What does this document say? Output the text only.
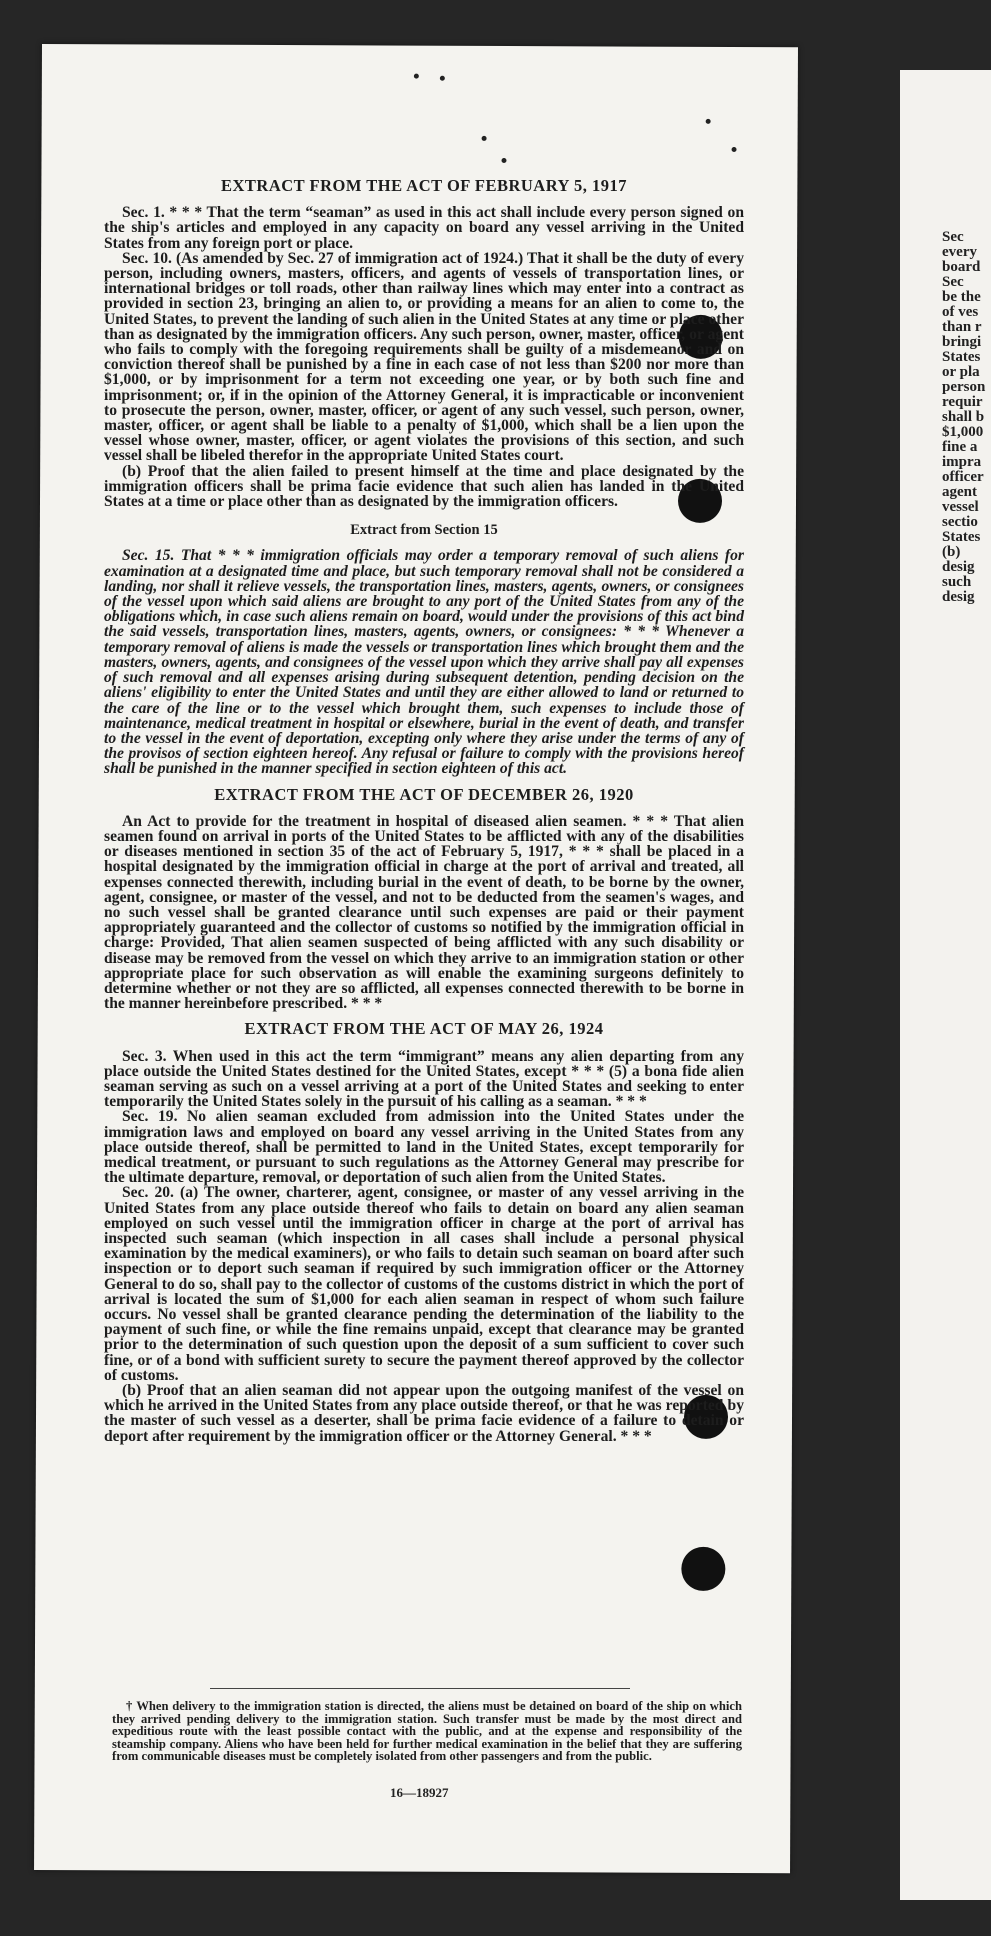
Sec
every
board
Sec
be the
of ves
than r
bringi
States
or pla
person
requir
shall b
$1,000
fine a
impra
officer
agent
vessel
sectio
States
(b)
desig
such
desig
EXTRACT FROM THE ACT OF FEBRUARY 5, 1917

Sec. 1. * * * That the term “seaman” as used in this act shall include every person signed on the ship's articles and employed in any capacity on board any vessel arriving in the United States from any foreign port or place.

Sec. 10. (As amended by Sec. 27 of immigration act of 1924.) That it shall be the duty of every person, including owners, masters, officers, and agents of vessels of transportation lines, or international bridges or toll roads, other than railway lines which may enter into a contract as provided in section 23, bringing an alien to, or providing a means for an alien to come to, the United States, to prevent the landing of such alien in the United States at any time or place other than as designated by the immigration officers. Any such person, owner, master, officer, or agent who fails to comply with the foregoing requirements shall be guilty of a misdemeanor and on conviction thereof shall be punished by a fine in each case of not less than $200 nor more than $1,000, or by imprisonment for a term not exceeding one year, or by both such fine and imprisonment; or, if in the opinion of the Attorney General, it is impracticable or inconvenient to prosecute the person, owner, master, officer, or agent of any such vessel, such person, owner, master, officer, or agent shall be liable to a penalty of $1,000, which shall be a lien upon the vessel whose owner, master, officer, or agent violates the provisions of this section, and such vessel shall be libeled therefor in the appropriate United States court.

(b) Proof that the alien failed to present himself at the time and place designated by the immigration officers shall be prima facie evidence that such alien has landed in the United States at a time or place other than as designated by the immigration officers.

Extract from Section 15

Sec. 15. That * * * immigration officials may order a temporary removal of such aliens for examination at a designated time and place, but such temporary removal shall not be considered a landing, nor shall it relieve vessels, the transportation lines, masters, agents, owners, or consignees of the vessel upon which said aliens are brought to any port of the United States from any of the obligations which, in case such aliens remain on board, would under the provisions of this act bind the said vessels, transportation lines, masters, agents, owners, or consignees: * * * Whenever a temporary removal of aliens is made the vessels or transportation lines which brought them and the masters, owners, agents, and consignees of the vessel upon which they arrive shall pay all expenses of such removal and all expenses arising during subsequent detention, pending decision on the aliens' eligibility to enter the United States and until they are either allowed to land or returned to the care of the line or to the vessel which brought them, such expenses to include those of maintenance, medical treatment in hospital or elsewhere, burial in the event of death, and transfer to the vessel in the event of deportation, excepting only where they arise under the terms of any of the provisos of section eighteen hereof. Any refusal or failure to comply with the provisions hereof shall be punished in the manner specified in section eighteen of this act.

EXTRACT FROM THE ACT OF DECEMBER 26, 1920

An Act to provide for the treatment in hospital of diseased alien seamen. * * * That alien seamen found on arrival in ports of the United States to be afflicted with any of the disabilities or diseases mentioned in section 35 of the act of February 5, 1917, * * * shall be placed in a hospital designated by the immigration official in charge at the port of arrival and treated, all expenses connected therewith, including burial in the event of death, to be borne by the owner, agent, consignee, or master of the vessel, and not to be deducted from the seamen's wages, and no such vessel shall be granted clearance until such expenses are paid or their payment appropriately guaranteed and the collector of customs so notified by the immigration official in charge: Provided, That alien seamen suspected of being afflicted with any such disability or disease may be removed from the vessel on which they arrive to an immigration station or other appropriate place for such observation as will enable the examining surgeons definitely to determine whether or not they are so afflicted, all expenses connected therewith to be borne in the manner hereinbefore prescribed. * * *

EXTRACT FROM THE ACT OF MAY 26, 1924

Sec. 3. When used in this act the term “immigrant” means any alien departing from any place outside the United States destined for the United States, except * * * (5) a bona fide alien seaman serving as such on a vessel arriving at a port of the United States and seeking to enter temporarily the United States solely in the pursuit of his calling as a seaman. * * *

Sec. 19. No alien seaman excluded from admission into the United States under the immigration laws and employed on board any vessel arriving in the United States from any place outside thereof, shall be permitted to land in the United States, except temporarily for medical treatment, or pursuant to such regulations as the Attorney General may prescribe for the ultimate departure, removal, or deportation of such alien from the United States.

Sec. 20. (a) The owner, charterer, agent, consignee, or master of any vessel arriving in the United States from any place outside thereof who fails to detain on board any alien seaman employed on such vessel until the immigration officer in charge at the port of arrival has inspected such seaman (which inspection in all cases shall include a personal physical examination by the medical examiners), or who fails to detain such seaman on board after such inspection or to deport such seaman if required by such immigration officer or the Attorney General to do so, shall pay to the collector of customs of the customs district in which the port of arrival is located the sum of $1,000 for each alien seaman in respect of whom such failure occurs. No vessel shall be granted clearance pending the determination of the liability to the payment of such fine, or while the fine remains unpaid, except that clearance may be granted prior to the determination of such question upon the deposit of a sum sufficient to cover such fine, or of a bond with sufficient surety to secure the payment thereof approved by the collector of customs.

(b) Proof that an alien seaman did not appear upon the outgoing manifest of the vessel on which he arrived in the United States from any place outside thereof, or that he was reported by the master of such vessel as a deserter, shall be prima facie evidence of a failure to detain or deport after requirement by the immigration officer or the Attorney General. * * *

† When delivery to the immigration station is directed, the aliens must be detained on board of the ship on which they arrived pending delivery to the immigration station. Such transfer must be made by the most direct and expeditious route with the least possible contact with the public, and at the expense and responsibility of the steamship company. Aliens who have been held for further medical examination in the belief that they are suffering from communicable diseases must be completely isolated from other passengers and from the public.
16—18927
